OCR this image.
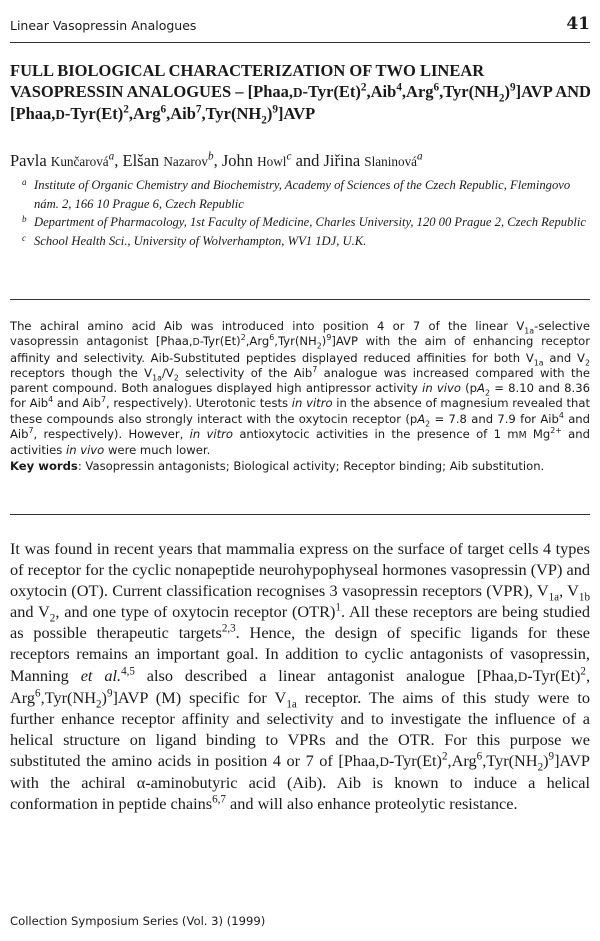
Linear Vasopressin Analogues	41
FULL BIOLOGICAL CHARACTERIZATION OF TWO LINEAR VASOPRESSIN ANALOGUES – $[Phaa,D-Tyr(Et)^2,Aib^4,Arg^6,Tyr(NH_2)^9]AVP$ AND $[Phaa,D-Tyr(Et)^2,Arg^6,Aib^7,Tyr(NH_2)^9]AVP$
Pavla Kunčarová$^a$, Elšan Nazarov$^b$, John Howl$^c$ and Jiřina Slaninová$^a$
a Institute of Organic Chemistry and Biochemistry, Academy of Sciences of the Czech Republic, Flemingovo nám. 2, 166 10 Prague 6, Czech Republic
b Department of Pharmacology, 1st Faculty of Medicine, Charles University, 120 00 Prague 2, Czech Republic
c School Health Sci., University of Wolverhampton, WV1 1DJ, U.K.

The achiral amino acid Aib was introduced into position 4 or 7 of the linear $V_{1a}$-selective vasopressin antagonist $[Phaa,D-Tyr(Et)^2,Arg^6,Tyr(NH_2)^9]AVP$ with the aim of enhancing receptor affinity and selectivity. Aib-Substituted peptides displayed reduced affinities for both $V_{1a}$ and $V_2$ receptors though the $V_{1a}/V_2$ selectivity of the Aib$^7$ analogue was increased compared with the parent compound. Both analogues displayed high antipressor activity in vivo ($pA_2 = 8.10$ and 8.36 for Aib$^4$ and Aib$^7$, respectively). Uterotonic tests in vitro in the absence of magnesium revealed that these compounds also strongly interact with the oxytocin receptor ($pA_2 = 7.8$ and 7.9 for Aib$^4$ and Aib$^7$, respectively). However, in vitro antioxytocic activities in the presence of 1 mM $Mg^{2+}$ and activities in vivo were much lower.

Key words: Vasopressin antagonists; Biological activity; Receptor binding; Aib substitution.

It was found in recent years that mammalia express on the surface of target cells 4 types of receptor for the cyclic nonapeptide neurohypophyseal hormones vasopressin (VP) and oxytocin (OT). Current classification recognises 3 vasopressin receptors (VPR), $V_{1a}$, $V_{1b}$ and $V_2$, and one type of oxytocin receptor (OTR)$^1$. All these receptors are being studied as possible therapeutic targets$^{2,3}$. Hence, the design of specific ligands for these receptors remains an important goal. In addition to cyclic antagonists of vasopressin, Manning et al.$^{4,5}$ also described a linear antagonist analogue [$Phaa,D-Tyr(Et)^2$, $Arg^6,Tyr(NH_2)^9]AVP$ (M) specific for $V_{1a}$ receptor. The aims of this study were to further enhance receptor affinity and selectivity and to investigate the influence of a helical structure on ligand binding to VPRs and the OTR. For this purpose we substituted the amino acids in position 4 or 7 of $[Phaa,D-Tyr(Et)^2,Arg^6,Tyr(NH_2)^9]AVP$ with the achiral α-aminobutyric acid (Aib). Aib is known to induce a helical conformation in peptide chains$^{6,7}$ and will also enhance proteolytic resistance.

Collection Symposium Series (Vol. 3) (1999)
